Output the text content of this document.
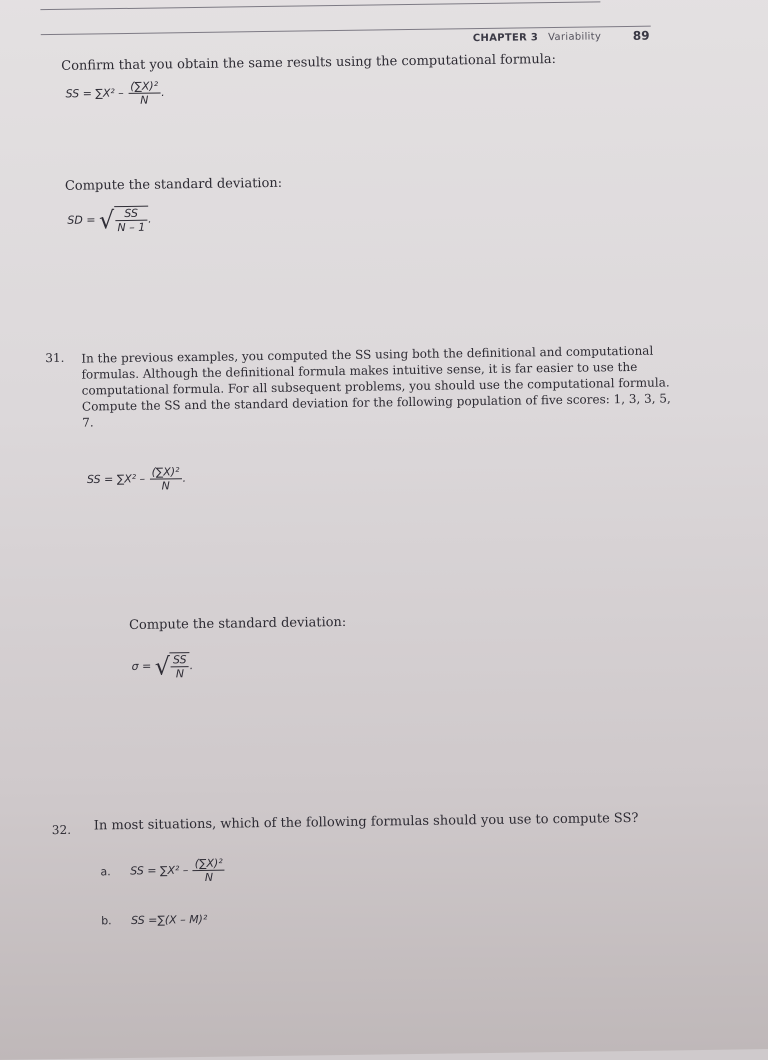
CHAPTER 3 Variability	89
Confirm that you obtain the same results using the computational formula:
SS = $\sum X^2 - \frac{\text{(∑X)²}}{N}$ .
Compute the standard deviation:
SD = √ $\frac{SS}{N - 1}$ .
31. In the previous examples, you computed the SS using both the definitional and computational formulas. Although the definitional formula makes intuitive sense, it is far easier to use the computational formula. For all subsequent problems, you should use the computational formula. Compute the SS and the standard deviation for the following population of five scores: 1, 3, 3, 5, 7.
SS = $\sum X^2 - \frac{\text{(∑X)²}}{N}$ .
Compute the standard deviation:
σ = √ $\frac{SS}{N}$ .
32. In most situations, which of the following formulas should you use to compute SS?
a. SS = $\sum X^2 - \frac{\text{(∑X)²}}{N}$
b. SS =∑(X – M)²
